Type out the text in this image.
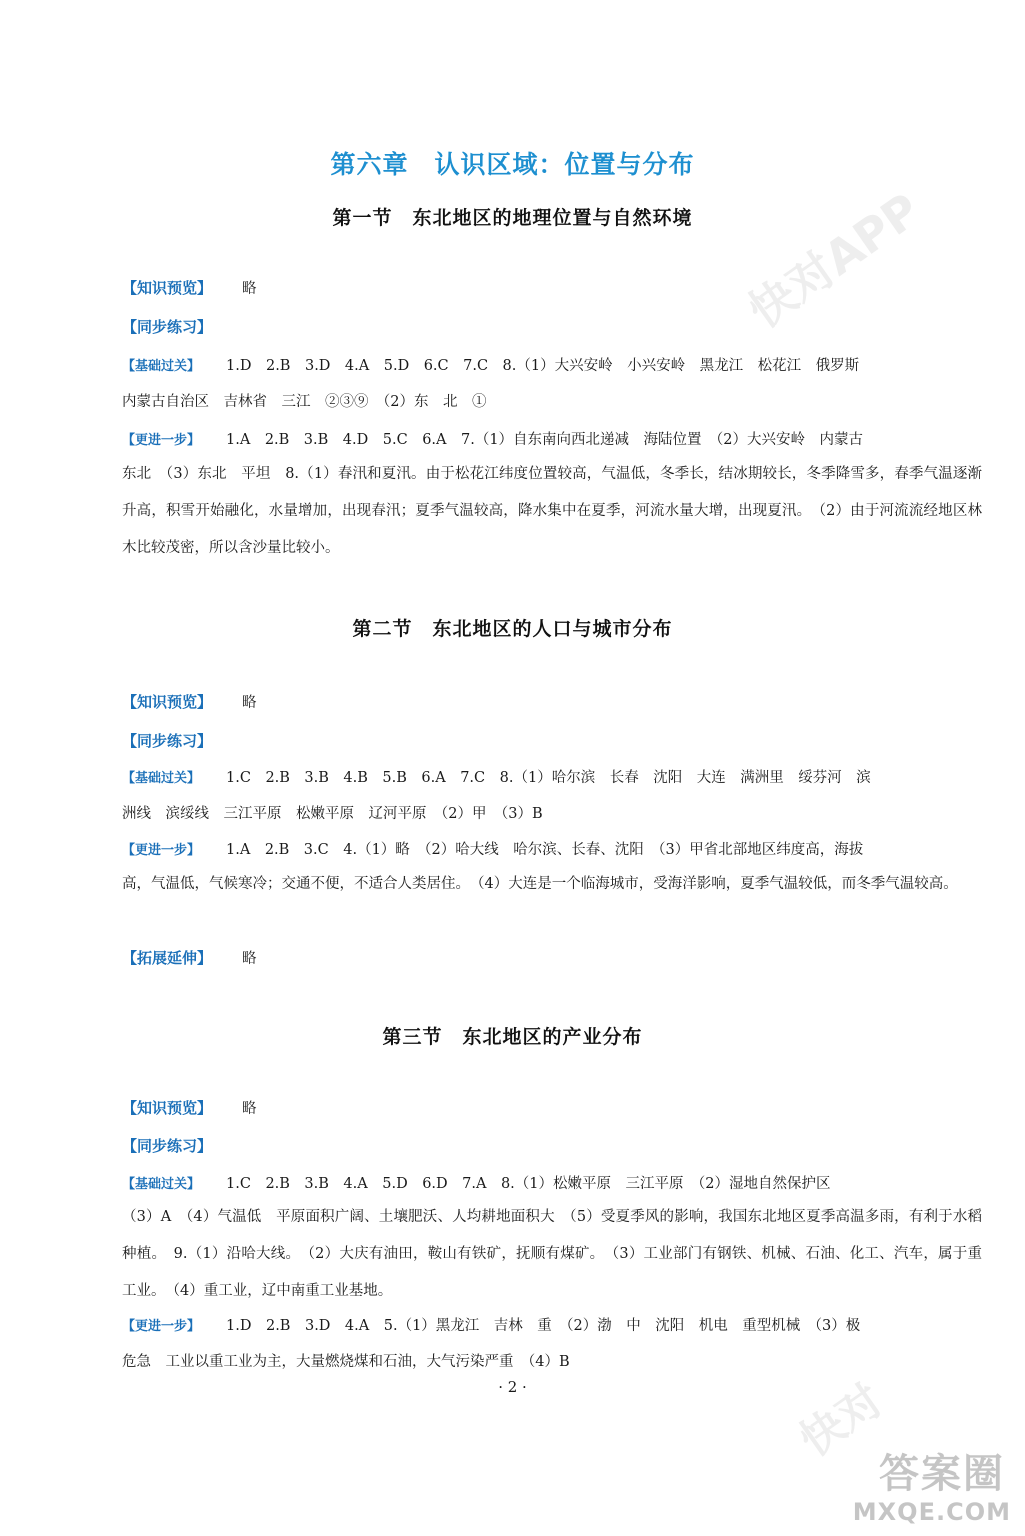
快对APP
快对
答案圈
MXQE.COM
第六章　认识区域：位置与分布
第一节　东北地区的地理位置与自然环境

【知识预览】 略

【同步练习】

【基础过关】 1.D　2.B　3.D　4.A　5.D　6.C　7.C　8.（1）大兴安岭　小兴安岭　黑龙江　松花江　俄罗斯

内蒙古自治区　吉林省　三江　②③⑨　（2）东　北　①

【更进一步】 1.A　2.B　3.B　4.D　5.C　6.A　7.（1）自东南向西北递减　海陆位置　（2）大兴安岭　内蒙古

东北　（3）东北　平坦　8.（1）春汛和夏汛。由于松花江纬度位置较高，气温低，冬季长，结冰期较长，冬季降雪多，春季气温逐渐升高，积雪开始融化，水量增加，出现春汛；夏季气温较高，降水集中在夏季，河流水量大增，出现夏汛。　（2）由于河流流经地区林木比较茂密，所以含沙量比较小。

第二节　东北地区的人口与城市分布

【知识预览】 略

【同步练习】

【基础过关】 1.C　2.B　3.B　4.B　5.B　6.A　7.C　8.（1）哈尔滨　长春　沈阳　大连　满洲里　绥芬河　滨

洲线　滨绥线　三江平原　松嫩平原　辽河平原　（2）甲　（3）B

【更进一步】 1.A　2.B　3.C　4.（1）略　（2）哈大线　哈尔滨、长春、沈阳　（3）甲省北部地区纬度高，海拔

高，气温低，气候寒冷；交通不便，不适合人类居住。　（4）大连是一个临海城市，受海洋影响，夏季气温较低，而冬季气温较高。

【拓展延伸】 略

第三节　东北地区的产业分布

【知识预览】 略

【同步练习】

【基础过关】 1.C　2.B　3.B　4.A　5.D　6.D　7.A　8.（1）松嫩平原　三江平原　（2）湿地自然保护区

（3）A　（4）气温低　平原面积广阔、土壤肥沃、人均耕地面积大　（5）受夏季风的影响，我国东北地区夏季高温多雨，有利于水稻种植。　9.（1）沿哈大线。　（2）大庆有油田，鞍山有铁矿，抚顺有煤矿。　（3）工业部门有钢铁、机械、石油、化工、汽车，属于重工业。　（4）重工业，辽中南重工业基地。

【更进一步】 1.D　2.B　3.D　4.A　5.（1）黑龙江　吉林　重　（2）渤　中　沈阳　机电　重型机械　（3）极

危急　工业以重工业为主，大量燃烧煤和石油，大气污染严重　（4）B

· 2 ·
